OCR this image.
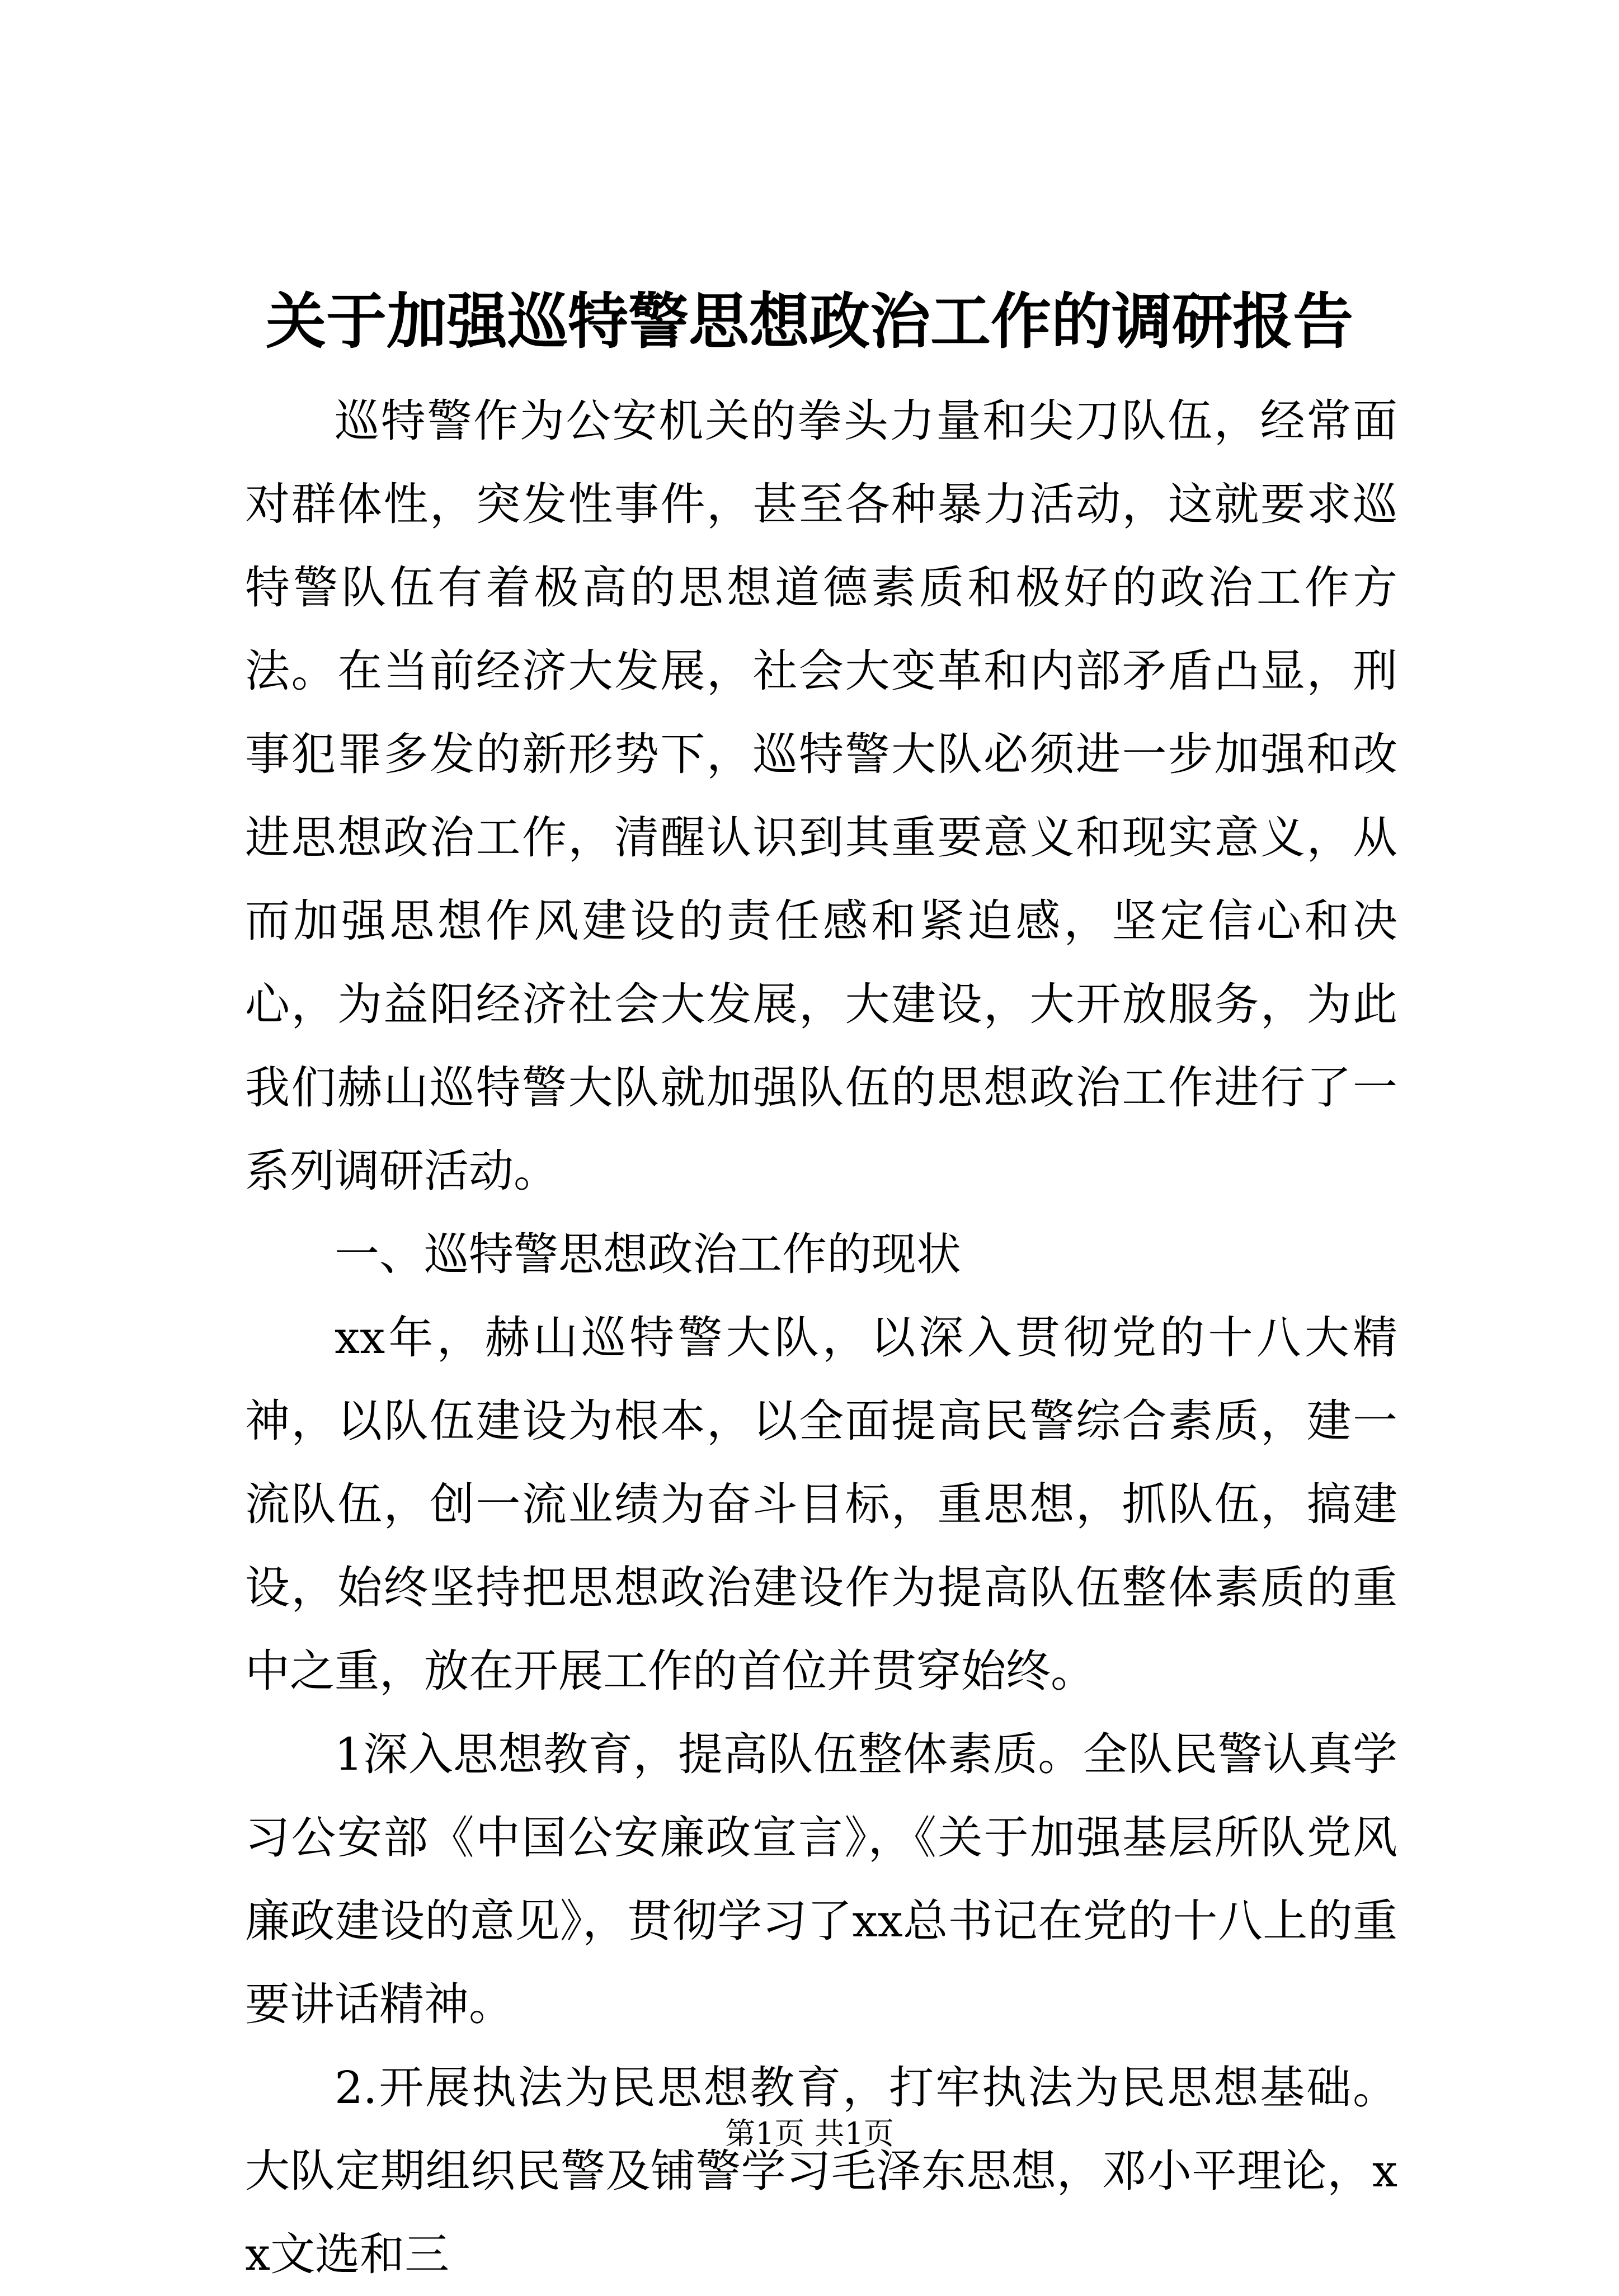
关于加强巡特警思想政治工作的调研报告

巡特警作为公安机关的拳头力量和尖刀队伍，经常面对群体性，突发性事件，甚至各种暴力活动，这就要求巡特警队伍有着极高的思想道德素质和极好的政治工作方法。在当前经济大发展，社会大变革和内部矛盾凸显，刑事犯罪多发的新形势下，巡特警大队必须进一步加强和改进思想政治工作，清醒认识到其重要意义和现实意义，从而加强思想作风建设的责任感和紧迫感，坚定信心和决心，为益阳经济社会大发展，大建设，大开放服务，为此我们赫山巡特警大队就加强队伍的思想政治工作进行了一系列调研活动。

一、巡特警思想政治工作的现状

xx年，赫山巡特警大队，以深入贯彻党的十八大精神，以队伍建设为根本，以全面提高民警综合素质，建一流队伍，创一流业绩为奋斗目标，重思想，抓队伍，搞建设，始终坚持把思想政治建设作为提高队伍整体素质的重中之重，放在开展工作的首位并贯穿始终。

1深入思想教育，提高队伍整体素质。全队民警认真学习公安部《中国公安廉政宣言》，《关于加强基层所队党风廉政建设的意见》，贯彻学习了xx总书记在党的十八上的重要讲话精神。

2.开展执法为民思想教育，打牢执法为民思想基础。大队定期组织民警及铺警学习毛泽东思想，邓小平理论，xx文选和三

第1页 共1页
